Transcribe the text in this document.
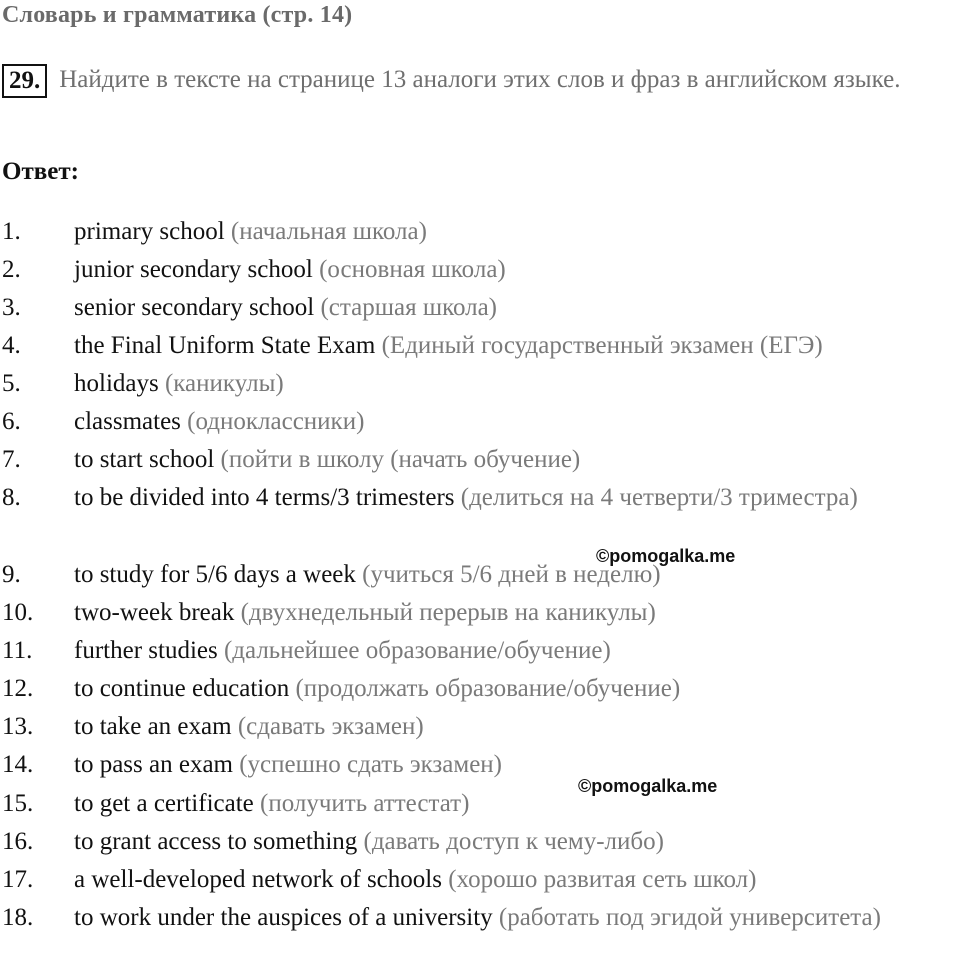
Словарь и грамматика (стр. 14)
29. Найдите в тексте на странице 13 аналоги этих слов и фраз в английском языке.
Ответ:
1.	primary school (начальная школа)
2.	junior secondary school (основная школа)
3.	senior secondary school (старшая школа)
4.	the Final Uniform State Exam (Единый государственный экзамен (ЕГЭ)
5.	holidays (каникулы)
6.	classmates (одноклассники)
7.	to start school (пойти в школу (начать обучение)
8.	to be divided into 4 terms/3 trimesters (делиться на 4 четверти/3 триместра)
9.	to study for 5/6 days a week (учиться 5/6 дней в неделю)
10.	two-week break (двухнедельный перерыв на каникулы)
11.	further studies (дальнейшее образование/обучение)
12.	to continue education (продолжать образование/обучение)
13.	to take an exam (сдавать экзамен)
14.	to pass an exam (успешно сдать экзамен)
15.	to get a certificate (получить аттестат)
16.	to grant access to something (давать доступ к чему-либо)
17.	a well-developed network of schools (хорошо развитая сеть школ)
18.	to work under the auspices of a university (работать под эгидой университета)
©pomogalka.me
©pomogalka.me
